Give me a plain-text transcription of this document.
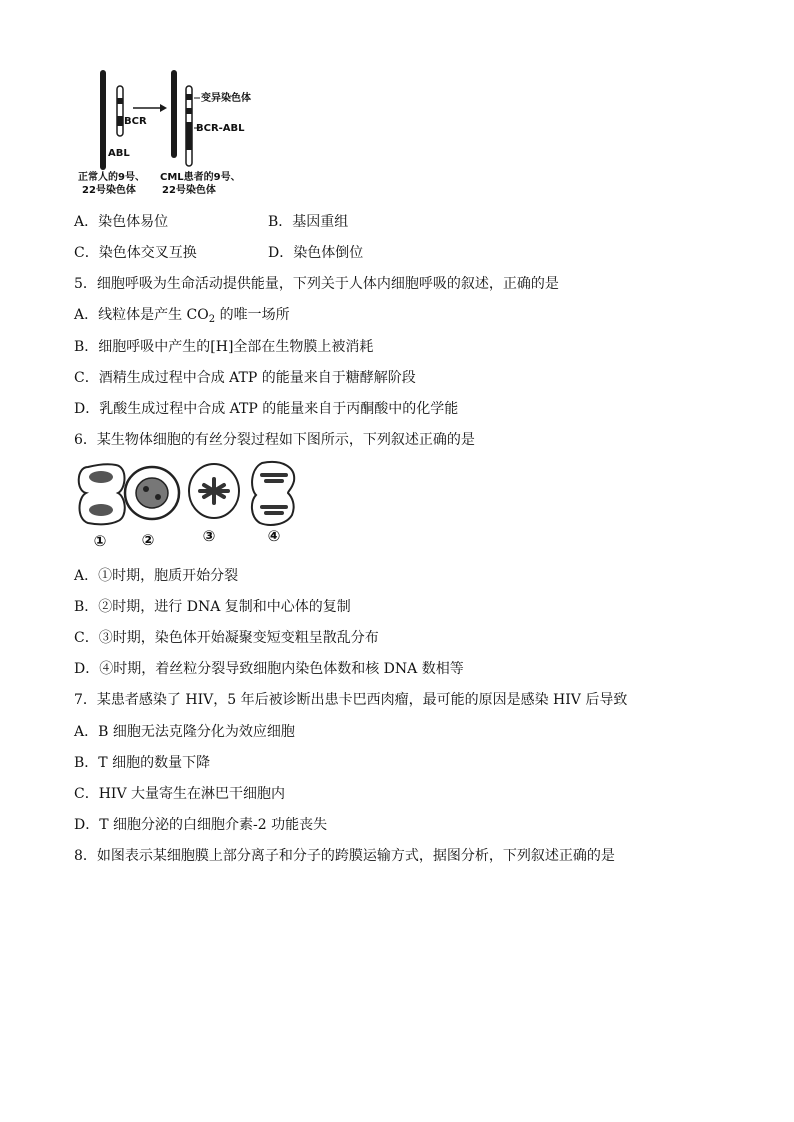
BCR
ABL
变异染色体
BCR-ABL
正常人的9号、
22号染色体
CML患者的9号、
22号染色体
A．染色体易位	B．基因重组
C．染色体交叉互换	D．染色体倒位
5．细胞呼吸为生命活动提供能量，下列关于人体内细胞呼吸的叙述，正确的是
A．线粒体是产生 $CO_2$ 的唯一场所
B．细胞呼吸中产生的[H]全部在生物膜上被消耗
C．酒精生成过程中合成 ATP 的能量来自于糖酵解阶段
D．乳酸生成过程中合成 ATP 的能量来自于丙酮酸中的化学能
6．某生物体细胞的有丝分裂过程如下图所示，下列叙述正确的是
① ②	③	④
A．①时期，胞质开始分裂
B．②时期，进行 DNA 复制和中心体的复制
C．③时期，染色体开始凝聚变短变粗呈散乱分布
D．④时期，着丝粒分裂导致细胞内染色体数和核 DNA 数相等
7．某患者感染了 HIV，5 年后被诊断出患卡巴西肉瘤，最可能的原因是感染 HIV 后导致
A．B 细胞无法克隆分化为效应细胞
B．T 细胞的数量下降
C．HIV 大量寄生在淋巴干细胞内
D．T 细胞分泌的白细胞介素-2 功能丧失
8．如图表示某细胞膜上部分离子和分子的跨膜运输方式，据图分析，下列叙述正确的是
